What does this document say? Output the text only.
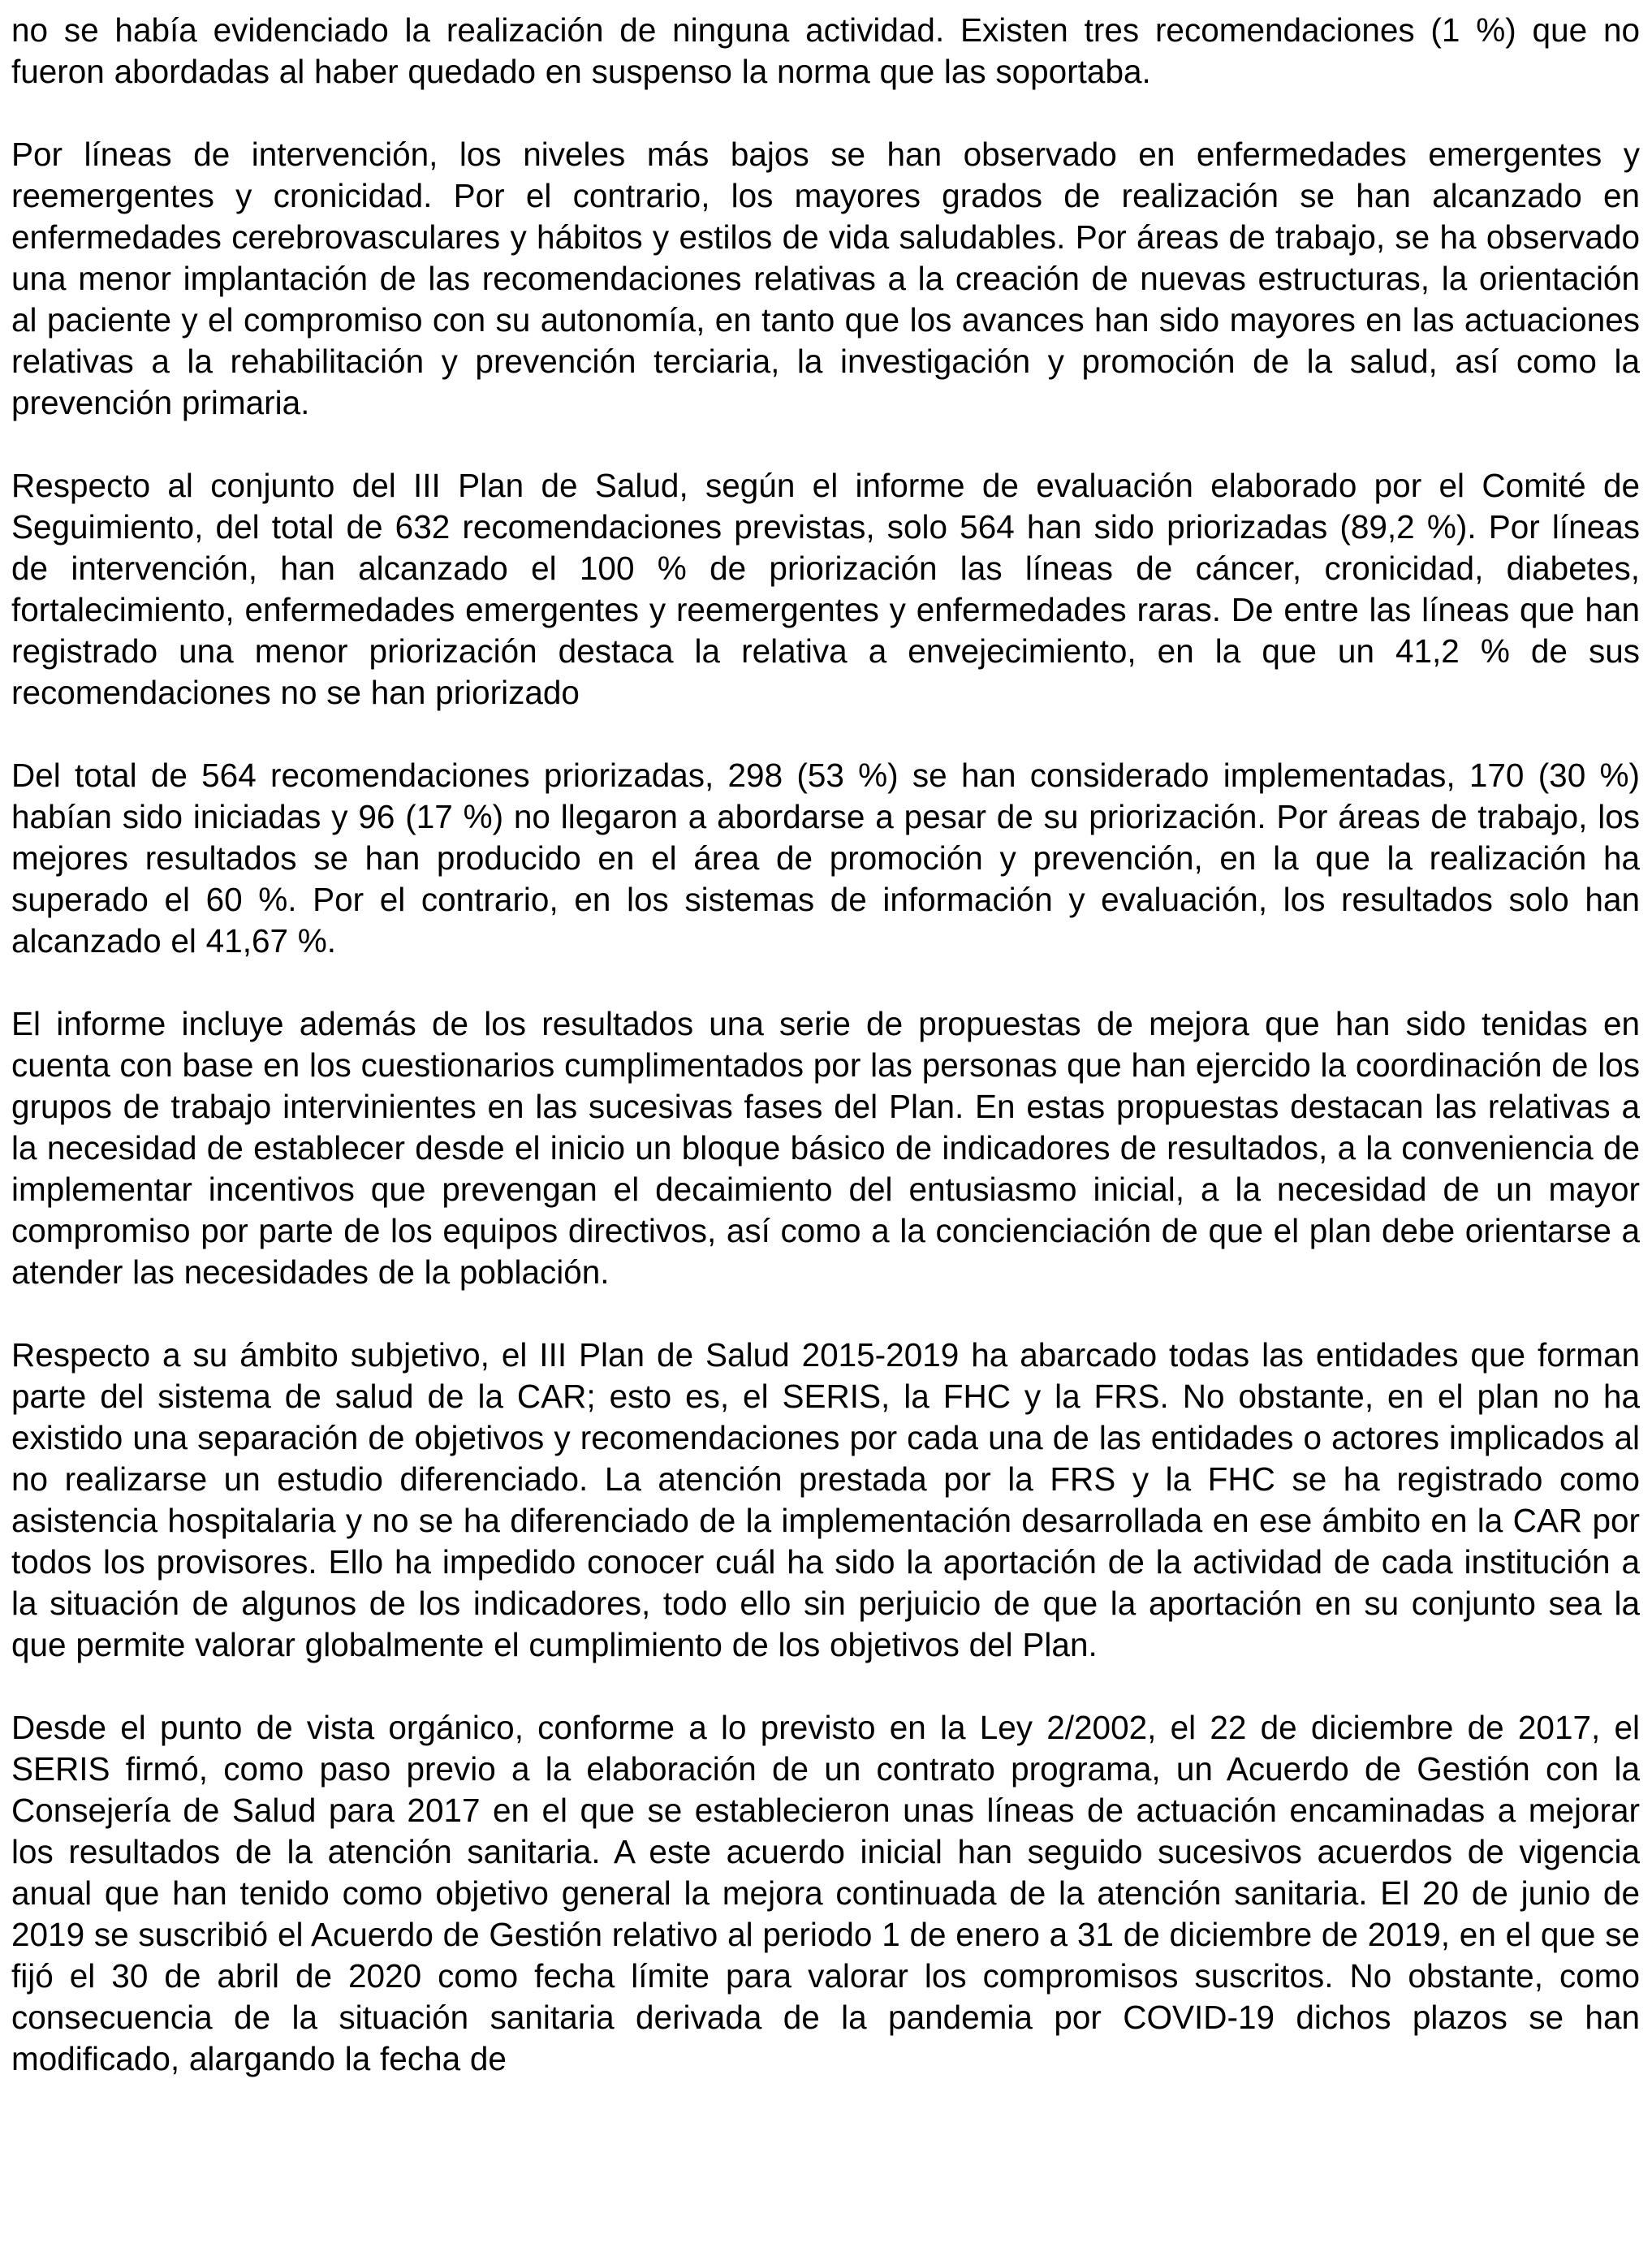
no se había evidenciado la realización de ninguna actividad. Existen tres recomendaciones (1 %) que no fueron abordadas al haber quedado en suspenso la norma que las soportaba.

Por líneas de intervención, los niveles más bajos se han observado en enfermedades emergentes y reemergentes y cronicidad. Por el contrario, los mayores grados de realización se han alcanzado en enfermedades cerebrovasculares y hábitos y estilos de vida saludables. Por áreas de trabajo, se ha observado una menor implantación de las recomendaciones relativas a la creación de nuevas estructuras, la orientación al paciente y el compromiso con su autonomía, en tanto que los avances han sido mayores en las actuaciones relativas a la rehabilitación y prevención terciaria, la investigación y promoción de la salud, así como la prevención primaria.

Respecto al conjunto del III Plan de Salud, según el informe de evaluación elaborado por el Comité de Seguimiento, del total de 632 recomendaciones previstas, solo 564 han sido priorizadas (89,2 %). Por líneas de intervención, han alcanzado el 100 % de priorización las líneas de cáncer, cronicidad, diabetes, fortalecimiento, enfermedades emergentes y reemergentes y enfermedades raras. De entre las líneas que han registrado una menor priorización destaca la relativa a envejecimiento, en la que un 41,2 % de sus recomendaciones no se han priorizado

Del total de 564 recomendaciones priorizadas, 298 (53 %) se han considerado implementadas, 170 (30 %) habían sido iniciadas y 96 (17 %) no llegaron a abordarse a pesar de su priorización. Por áreas de trabajo, los mejores resultados se han producido en el área de promoción y prevención, en la que la realización ha superado el 60 %. Por el contrario, en los sistemas de información y evaluación, los resultados solo han alcanzado el 41,67 %.

El informe incluye además de los resultados una serie de propuestas de mejora que han sido tenidas en cuenta con base en los cuestionarios cumplimentados por las personas que han ejercido la coordinación de los grupos de trabajo intervinientes en las sucesivas fases del Plan. En estas propuestas destacan las relativas a la necesidad de establecer desde el inicio un bloque básico de indicadores de resultados, a la conveniencia de implementar incentivos que prevengan el decaimiento del entusiasmo inicial, a la necesidad de un mayor compromiso por parte de los equipos directivos, así como a la concienciación de que el plan debe orientarse a atender las necesidades de la población.

Respecto a su ámbito subjetivo, el III Plan de Salud 2015-2019 ha abarcado todas las entidades que forman parte del sistema de salud de la CAR; esto es, el SERIS, la FHC y la FRS. No obstante, en el plan no ha existido una separación de objetivos y recomendaciones por cada una de las entidades o actores implicados al no realizarse un estudio diferenciado. La atención prestada por la FRS y la FHC se ha registrado como asistencia hospitalaria y no se ha diferenciado de la implementación desarrollada en ese ámbito en la CAR por todos los provisores. Ello ha impedido conocer cuál ha sido la aportación de la actividad de cada institución a la situación de algunos de los indicadores, todo ello sin perjuicio de que la aportación en su conjunto sea la que permite valorar globalmente el cumplimiento de los objetivos del Plan.

Desde el punto de vista orgánico, conforme a lo previsto en la Ley 2/2002, el 22 de diciembre de 2017, el SERIS firmó, como paso previo a la elaboración de un contrato programa, un Acuerdo de Gestión con la Consejería de Salud para 2017 en el que se establecieron unas líneas de actuación encaminadas a mejorar los resultados de la atención sanitaria. A este acuerdo inicial han seguido sucesivos acuerdos de vigencia anual que han tenido como objetivo general la mejora continuada de la atención sanitaria. El 20 de junio de 2019 se suscribió el Acuerdo de Gestión relativo al periodo 1 de enero a 31 de diciembre de 2019, en el que se fijó el 30 de abril de 2020 como fecha límite para valorar los compromisos suscritos. No obstante, como consecuencia de la situación sanitaria derivada de la pandemia por COVID-19 dichos plazos se han modificado, alargando la fecha de
